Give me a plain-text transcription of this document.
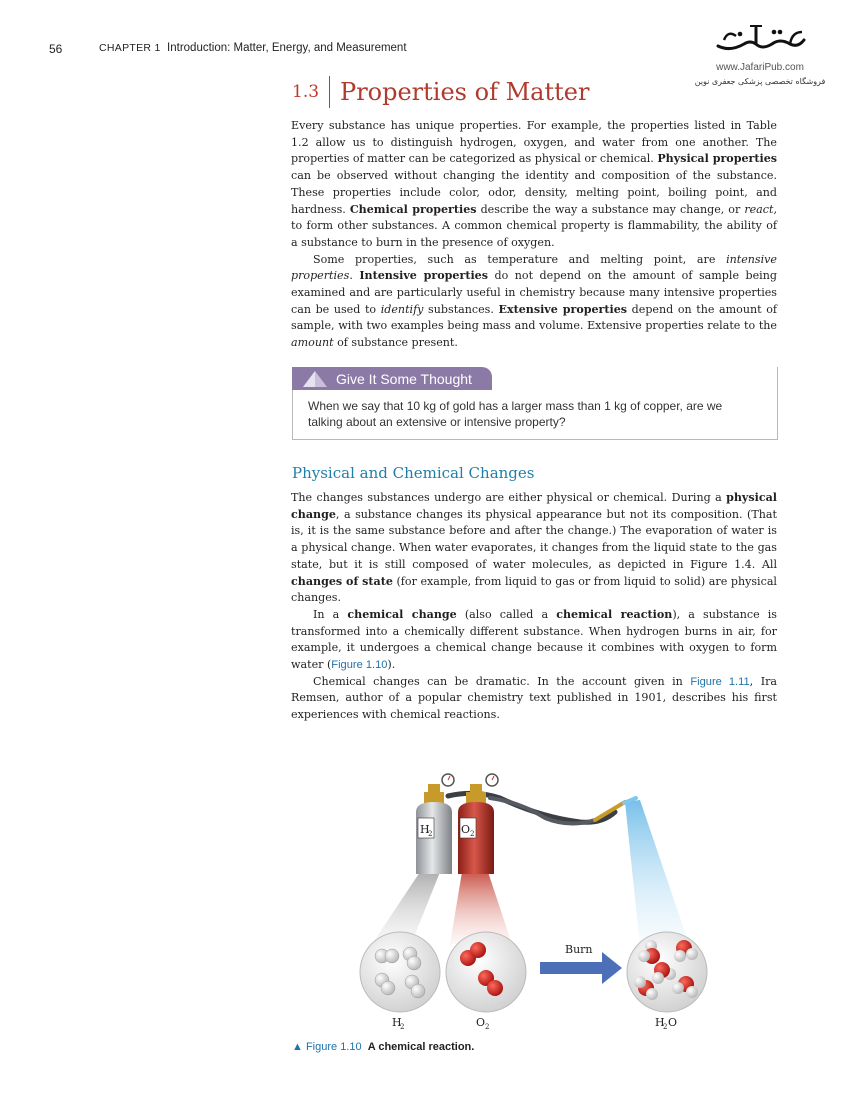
56	CHAPTER 1 Introduction: Matter, Energy, and Measurement
www.JafariPub.com
فروشگاه تخصصی پزشکی جعفری نوین
1.3 Properties of Matter

Every substance has unique properties. For example, the properties listed in Table 1.2 allow us to distinguish hydrogen, oxygen, and water from one another. The properties of matter can be categorized as physical or chemical. Physical properties can be observed without changing the identity and composition of the substance. These properties include color, odor, density, melting point, boiling point, and hardness. Chemical properties describe the way a substance may change, or react, to form other substances. A common chemical property is flammability, the ability of a substance to burn in the presence of oxygen.

Some properties, such as temperature and melting point, are intensive properties. Intensive properties do not depend on the amount of sample being examined and are particularly useful in chemistry because many intensive properties can be used to identify substances. Extensive properties depend on the amount of sample, with two examples being mass and volume. Extensive properties relate to the amount of substance present.

Give It Some Thought
When we say that 10 kg of gold has a larger mass than 1 kg of copper, are we talking about an extensive or intensive property?
Physical and Chemical Changes

The changes substances undergo are either physical or chemical. During a physical change, a substance changes its physical appearance but not its composition. (That is, it is the same substance before and after the change.) The evaporation of water is a physical change. When water evaporates, it changes from the liquid state to the gas state, but it is still composed of water molecules, as depicted in Figure 1.4. All changes of state (for example, from liquid to gas or from liquid to solid) are physical changes.

In a chemical change (also called a chemical reaction), a substance is transformed into a chemically different substance. When hydrogen burns in air, for example, it undergoes a chemical change because it combines with oxygen to form water (Figure 1.10).

Chemical changes can be dramatic. In the account given in Figure 1.11, Ira Remsen, author of a popular chemistry text published in 1901, describes his first experiences with chemical reactions.

H
2	O 2
Burn
H
2	O 2	H
2 O
▲ Figure 1.10 A chemical reaction.
